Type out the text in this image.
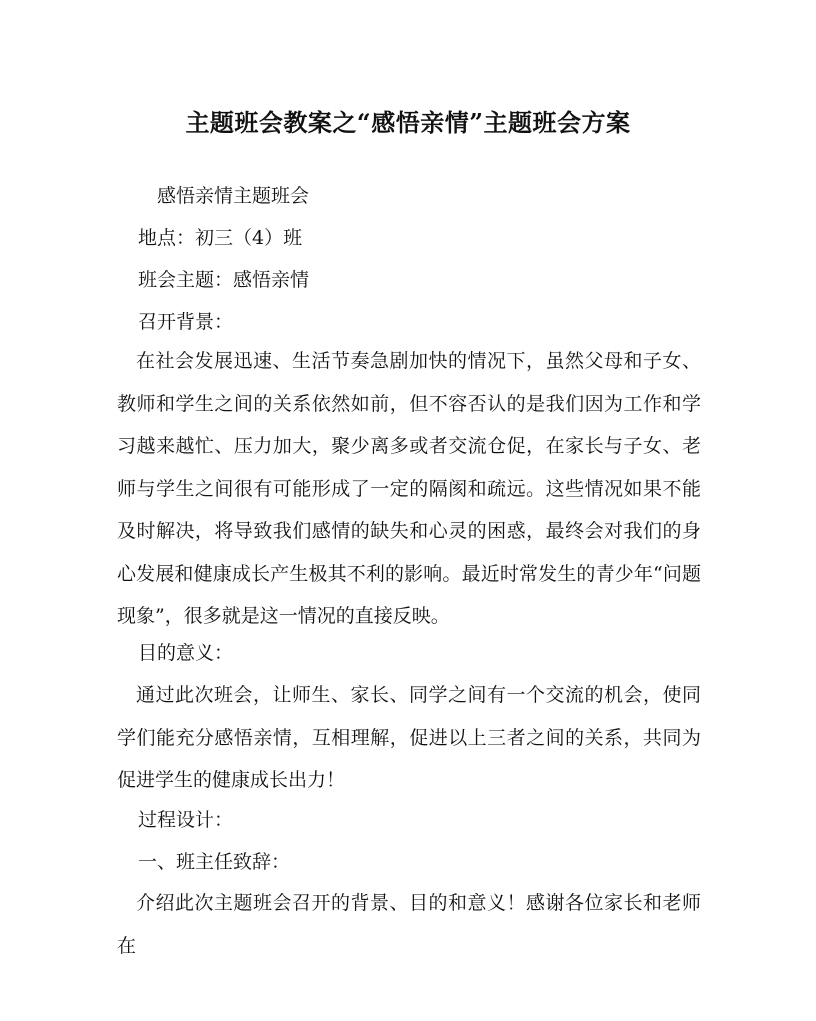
主题班会教案之“感悟亲情”主题班会方案

感悟亲情主题班会

地点：初三（4）班

班会主题：感悟亲情

召开背景：

在社会发展迅速、生活节奏急剧加快的情况下，虽然父母和子女、教师和学生之间的关系依然如前，但不容否认的是我们因为工作和学习越来越忙、压力加大，聚少离多或者交流仓促，在家长与子女、老师与学生之间很有可能形成了一定的隔阂和疏远。这些情况如果不能及时解决，将导致我们感情的缺失和心灵的困惑，最终会对我们的身心发展和健康成长产生极其不利的影响。最近时常发生的青少年“问题现象”，很多就是这一情况的直接反映。

目的意义：

通过此次班会，让师生、家长、同学之间有一个交流的机会，使同学们能充分感悟亲情，互相理解，促进以上三者之间的关系，共同为促进学生的健康成长出力！

过程设计：

一、班主任致辞：

介绍此次主题班会召开的背景、目的和意义！感谢各位家长和老师在
